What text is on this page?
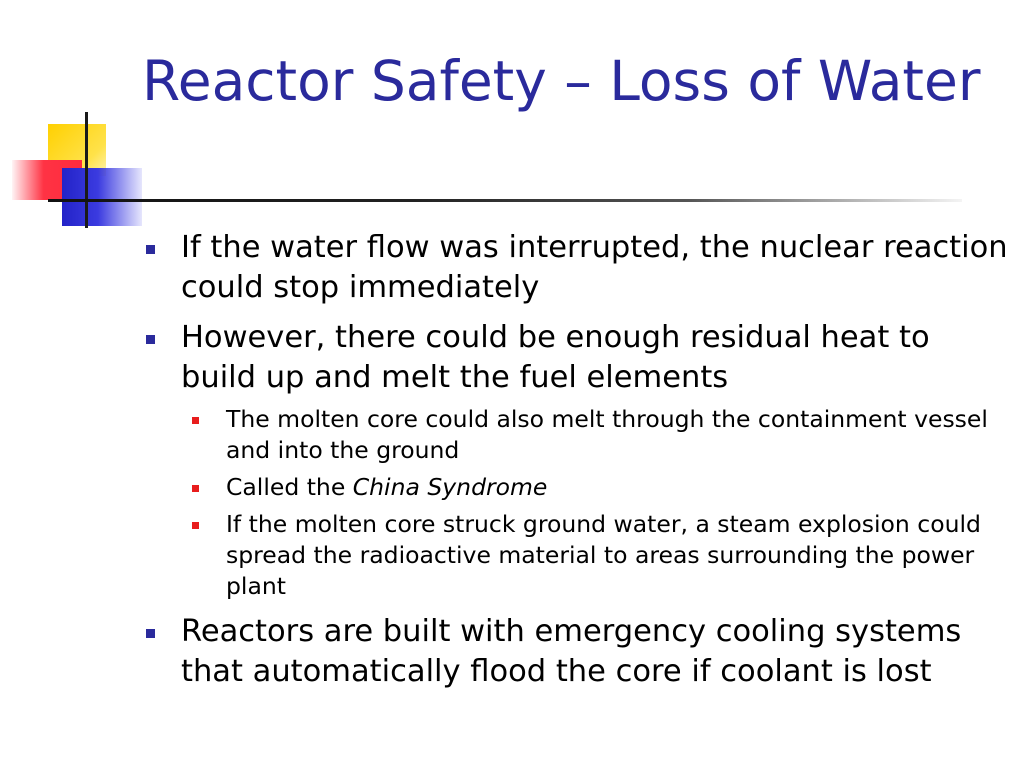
Reactor Safety – Loss of Water
If the water flow was interrupted, the nuclear reaction could stop immediately
However, there could be enough residual heat to build up and melt the fuel elements
The molten core could also melt through the containment vessel and into the ground
Called the China Syndrome
If the molten core struck ground water, a steam explosion could spread the radioactive material to areas surrounding the power plant
Reactors are built with emergency cooling systems that automatically flood the core if coolant is lost
